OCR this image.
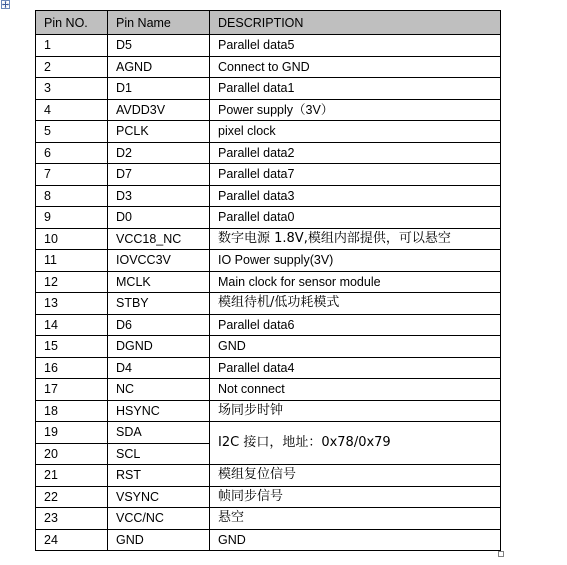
Pin NO.	Pin Name	DESCRIPTION
1	D5	Parallel data5
2	AGND	Connect to GND
3	D1	Parallel data1
4	AVDD3V	Power supply（3V）
5	PCLK	pixel clock
6	D2	Parallel data2
7	D7	Parallel data7
8	D3	Parallel data3
9	D0	Parallel data0
10	VCC18_NC	数字电源 1.8V,模组内部提供，可以悬空
11	IOVCC3V	IO Power supply(3V)
12	MCLK	Main clock for sensor module
13	STBY	模组待机/低功耗模式
14	D6	Parallel data6
15	DGND	GND
16	D4	Parallel data4
17	NC	Not connect
18	HSYNC	场同步时钟
19	SDA	I2C 接口，地址：0x78/0x79
20	SCL	
21	RST	模组复位信号
22	VSYNC	帧同步信号
23	VCC/NC	悬空
24	GND	GND
